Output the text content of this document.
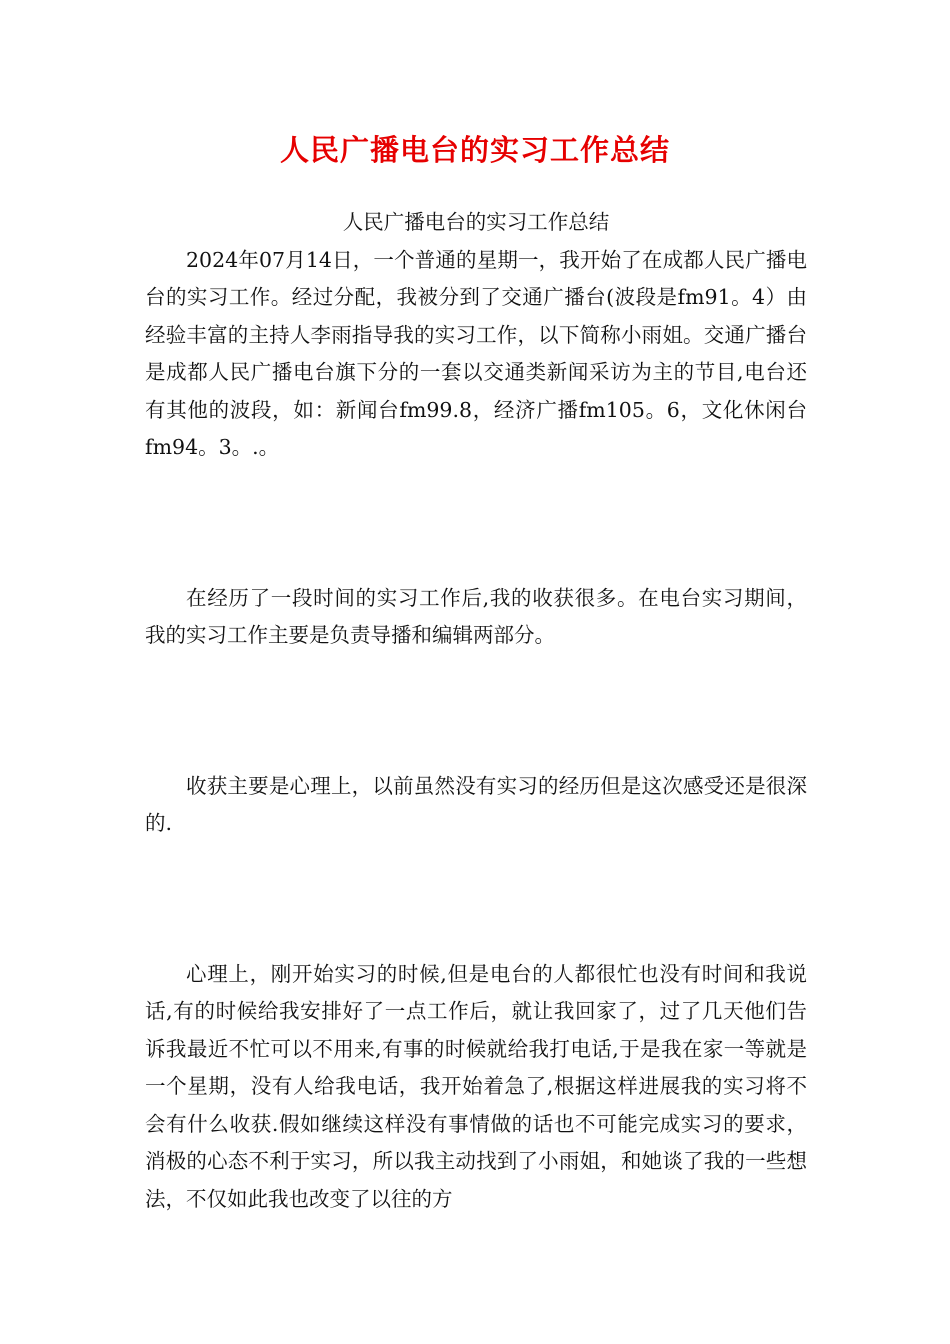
人民广播电台的实习工作总结

人民广播电台的实习工作总结

2024年07月14日，一个普通的星期一，我开始了在成都人民广播电台的实习工作。经过分配，我被分到了交通广播台(波段是fm91。4）由经验丰富的主持人李雨指导我的实习工作，以下简称小雨姐。交通广播台是成都人民广播电台旗下分的一套以交通类新闻采访为主的节目,电台还有其他的波段，如：新闻台fm99.8，经济广播fm105。6，文化休闲台fm94。3。.。

在经历了一段时间的实习工作后,我的收获很多。在电台实习期间，我的实习工作主要是负责导播和编辑两部分。

收获主要是心理上，以前虽然没有实习的经历但是这次感受还是很深的.

心理上，刚开始实习的时候,但是电台的人都很忙也没有时间和我说话,有的时候给我安排好了一点工作后，就让我回家了，过了几天他们告诉我最近不忙可以不用来,有事的时候就给我打电话,于是我在家一等就是一个星期，没有人给我电话，我开始着急了,根据这样进展我的实习将不会有什么收获.假如继续这样没有事情做的话也不可能完成实习的要求，消极的心态不利于实习，所以我主动找到了小雨姐，和她谈了我的一些想法，不仅如此我也改变了以往的方
